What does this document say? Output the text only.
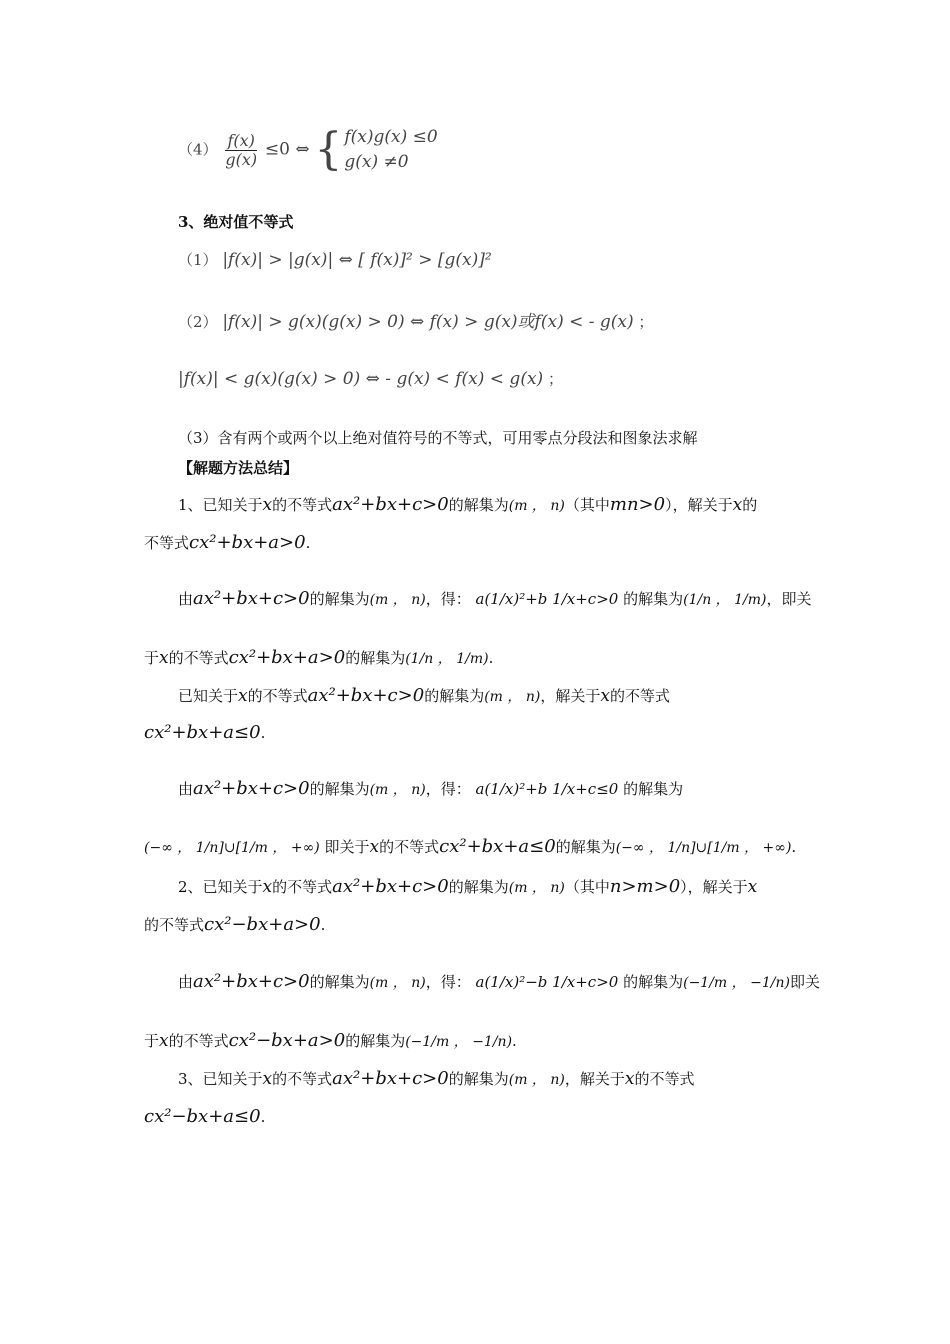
$(4) \frac{f(x)}{g(x)} \le 0$ ⇔ { f(x)g(x) ≤0
g(x) ≠0
3、绝对值不等式
（1） |f(x)| > |g(x)| ⇔ [ f(x)]² > [g(x)]²
（2） |f(x)| > g(x)(g(x) > 0) ⇔ f(x) > g(x)或f(x) < - g(x) ；
|f(x)| < g(x)(g(x) > 0) ⇔ - g(x) < f(x) < g(x) ；
（3）含有两个或两个以上绝对值符号的不等式，可用零点分段法和图象法求解
【解题方法总结】
1、已知关于x的不等式ax²+bx+c>0的解集为(m ， n)（其中mn>0），解关于x的
不等式cx²+bx+a>0.
由ax²+bx+c>0的解集为(m ， n)，得： a(1/x)²+b 1/x+c>0 的解集为(1/n ， 1/m)，即关
于x的不等式cx²+bx+a>0的解集为(1/n ， 1/m).
已知关于x的不等式ax²+bx+c>0的解集为(m ， n)，解关于x的不等式
cx²+bx+a≤0.
由ax²+bx+c>0的解集为(m ， n)，得： a(1/x)²+b 1/x+c≤0 的解集为
(−∞ ， 1/n]∪[1/m ， +∞) 即关于x的不等式cx²+bx+a≤0的解集为(−∞ ， 1/n]∪[1/m ， +∞).
2、已知关于x的不等式ax²+bx+c>0的解集为(m ， n)（其中n>m>0），解关于x
的不等式cx²−bx+a>0.
由ax²+bx+c>0的解集为(m ， n)，得： a(1/x)²−b 1/x+c>0 的解集为(−1/m ， −1/n)即关
于x的不等式cx²−bx+a>0的解集为(−1/m ， −1/n).
3、已知关于x的不等式ax²+bx+c>0的解集为(m ， n)，解关于x的不等式
cx²−bx+a≤0.
